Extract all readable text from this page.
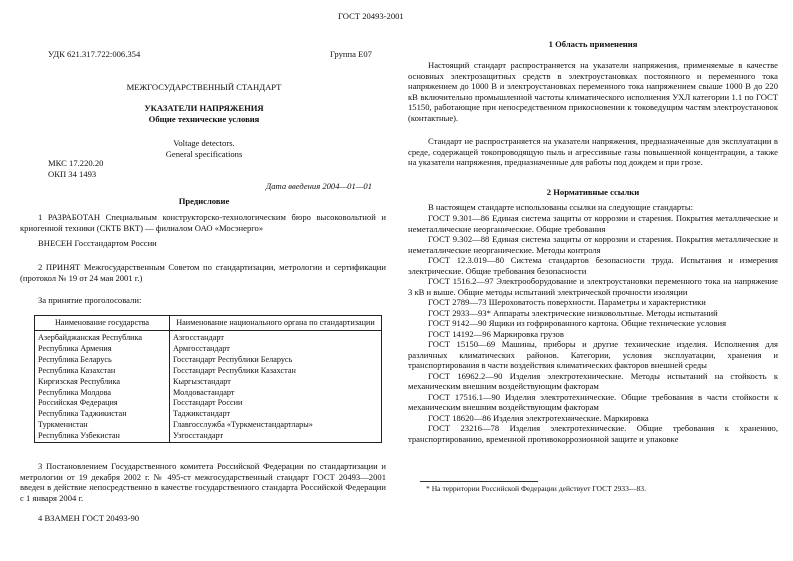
ГОСТ 20493-2001
УДК 621.317.722:006.354	Группа Е07
МЕЖГОСУДАРСТВЕННЫЙ СТАНДАРТ
УКАЗАТЕЛИ НАПРЯЖЕНИЯ
Общие технические условия
Voltage detectors.
General specifications
МКС 17.220.20
ОКП 34 1493
Дата введения 2004—01—01
Предисловие
1 РАЗРАБОТАН Специальным конструкторско-технологическим бюро высоковольтной и криогенной техники (СКТБ ВКТ) — филиалом ОАО «Мосэнерго»
ВНЕСЕН Госстандартом России
2 ПРИНЯТ Межгосударственным Советом по стандартизации, метрологии и сертификации (протокол № 19 от 24 мая 2001 г.)
За принятие проголосовали:
Наименование государства	Наименование национального органа по стандартизации
Азербайджанская Республика	Азгосстандарт
Республика Армения	Армгосстандарт
Республика Беларусь	Госстандарт Республики Беларусь
Республика Казахстан	Госстандарт Республики Казахстан
Киргизская Республика	Кыргызстандарт
Республика Молдова	Молдовастандарт
Российская Федерация	Госстандарт России
Республика Таджикистан	Таджикстандарт
Туркменистан	Главгосслужба «Туркменстандартлары»
Республика Узбекистан	Узгосстандарт
3 Постановлением Государственного комитета Российской Федерации по стандартизации и метрологии от 19 декабря 2002 г. № 495-ст межгосударственный стандарт ГОСТ 20493—2001 введен в действие непосредственно в качестве государственного стандарта Российской Федерации с 1 января 2004 г.
4 ВЗАМЕН ГОСТ 20493-90
1 Область применения
Настоящий стандарт распространяется на указатели напряжения, применяемые в качестве основных электрозащитных средств в электроустановках постоянного и переменного тока напряжением до 1000 В и электроустановках переменного тока напряжением свыше 1000 В до 220 кВ включительно промышленной частоты климатического исполнения УХЛ категории 1.1 по ГОСТ 15150, работающие при непосредственном прикосновении к токоведущим частям электроустановок (контактные).
Стандарт не распространяется на указатели напряжения, предназначенные для эксплуатации в среде, содержащей токопроводящую пыль и агрессивные газы повышенной концентрации, а также на указатели напряжения, предназначенные для работы под дождем и при грозе.
2 Нормативные ссылки
В настоящем стандарте использованы ссылки на следующие стандарты:
ГОСТ 9.301—86 Единая система защиты от коррозии и старения. Покрытия металлические и неметаллические неорганические. Общие требования
ГОСТ 9.302—88 Единая система защиты от коррозии и старения. Покрытия металлические и неметаллические неорганические. Методы контроля
ГОСТ 12.3.019—80 Система стандартов безопасности труда. Испытания и измерения электрические. Общие требования безопасности
ГОСТ 1516.2—97 Электрооборудование и электроустановки переменного тока на напряжение 3 кВ и выше. Общие методы испытаний электрической прочности изоляции
ГОСТ 2789—73 Шероховатость поверхности. Параметры и характеристики
ГОСТ 2933—93* Аппараты электрические низковольтные. Методы испытаний
ГОСТ 9142—90 Ящики из гофрированного картона. Общие технические условия
ГОСТ 14192—96 Маркировка грузов
ГОСТ 15150—69 Машины, приборы и другие технические изделия. Исполнения для различных климатических районов. Категории, условия эксплуатации, хранения и транспортирования в части воздействия климатических факторов внешней среды
ГОСТ 16962.2—90 Изделия электротехнические. Методы испытаний на стойкость к механическим внешним воздействующим факторам
ГОСТ 17516.1—90 Изделия электротехнические. Общие требования в части стойкости к механическим внешним воздействующим факторам
ГОСТ 18620—86 Изделия электротехнические. Маркировка
ГОСТ 23216—78 Изделия электротехнические. Общие требования к хранению, транспортированию, временной противокоррозионной защите и упаковке
* На территории Российской Федерации действует ГОСТ 2933—83.
